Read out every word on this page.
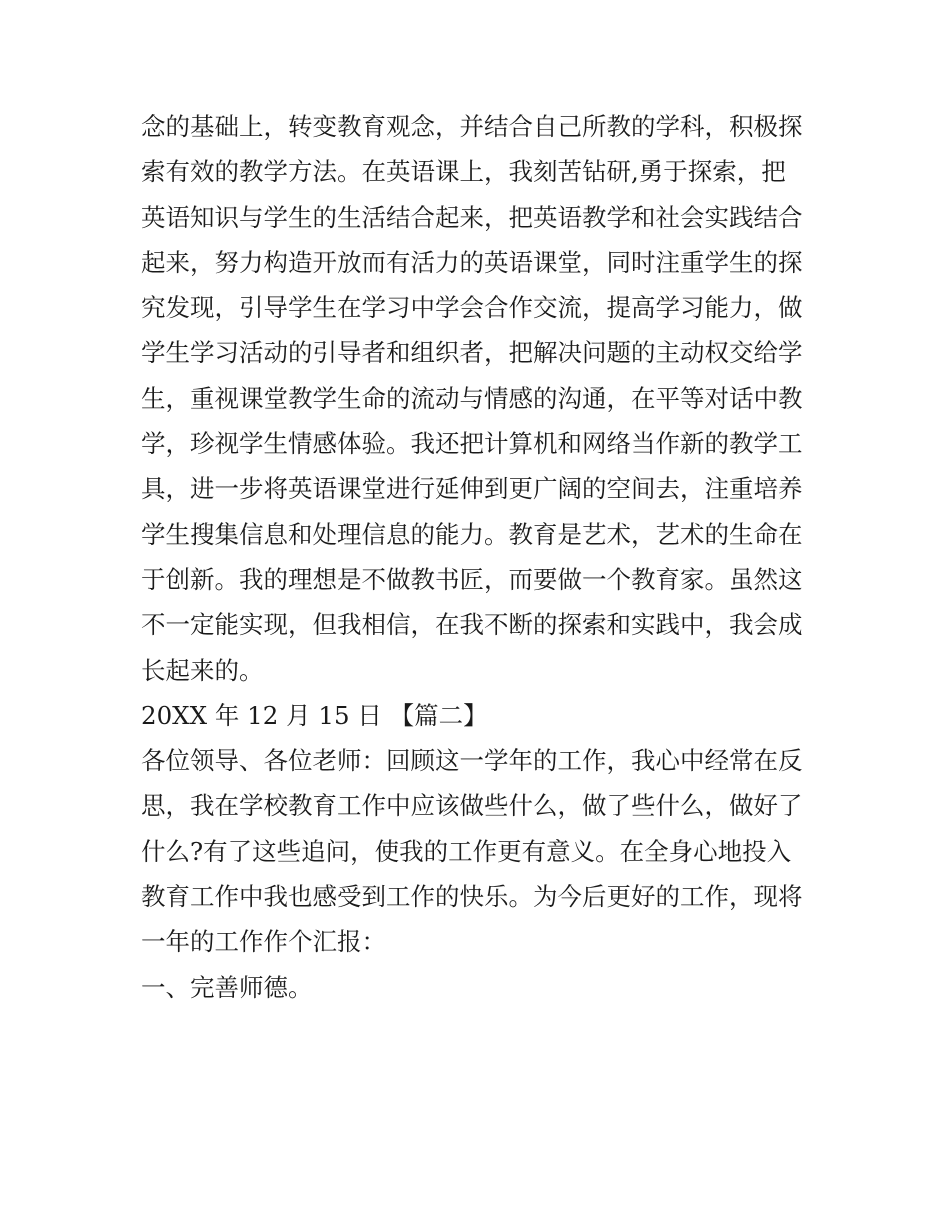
念的基础上，转变教育观念，并结合自己所教的学科，积极探
索有效的教学方法。在英语课上，我刻苦钻研,勇于探索，把
英语知识与学生的生活结合起来，把英语教学和社会实践结合
起来，努力构造开放而有活力的英语课堂，同时注重学生的探
究发现，引导学生在学习中学会合作交流，提高学习能力，做
学生学习活动的引导者和组织者，把解决问题的主动权交给学
生，重视课堂教学生命的流动与情感的沟通，在平等对话中教
学，珍视学生情感体验。我还把计算机和网络当作新的教学工
具，进一步将英语课堂进行延伸到更广阔的空间去，注重培养
学生搜集信息和处理信息的能力。教育是艺术，艺术的生命在
于创新。我的理想是不做教书匠，而要做一个教育家。虽然这
不一定能实现，但我相信，在我不断的探索和实践中，我会成
长起来的。
20XX 年 12 月 15 日 【篇二】
各位领导、各位老师：回顾这一学年的工作，我心中经常在反
思，我在学校教育工作中应该做些什么，做了些什么，做好了
什么?有了这些追问，使我的工作更有意义。在全身心地投入
教育工作中我也感受到工作的快乐。为今后更好的工作，现将
一年的工作作个汇报：
一、完善师德。
